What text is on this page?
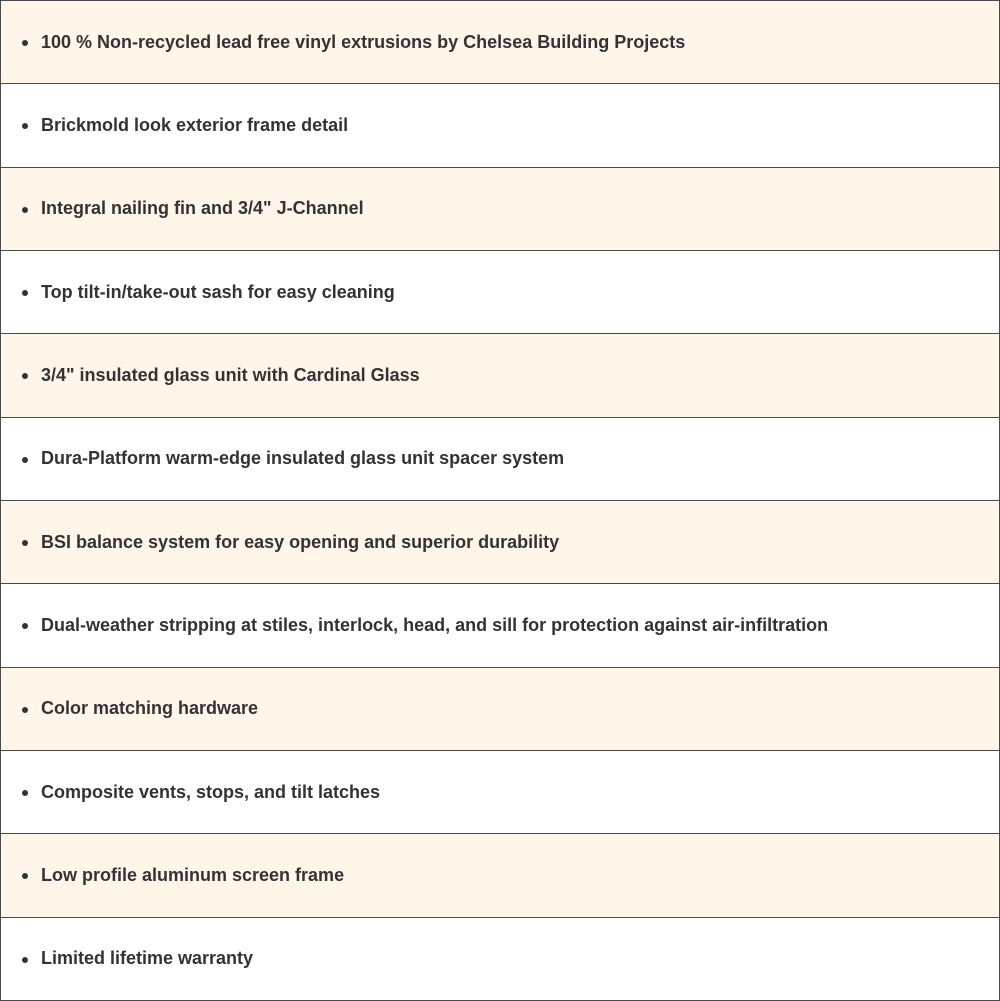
100 % Non-recycled lead free vinyl extrusions by Chelsea Building Projects
Brickmold look exterior frame detail
Integral nailing fin and 3/4" J-Channel
Top tilt-in/take-out sash for easy cleaning
3/4" insulated glass unit with Cardinal Glass
Dura-Platform warm-edge insulated glass unit spacer system
BSI balance system for easy opening and superior durability
Dual-weather stripping at stiles, interlock, head, and sill for protection against air-infiltration
Color matching hardware
Composite vents, stops, and tilt latches
Low profile aluminum screen frame
Limited lifetime warranty
